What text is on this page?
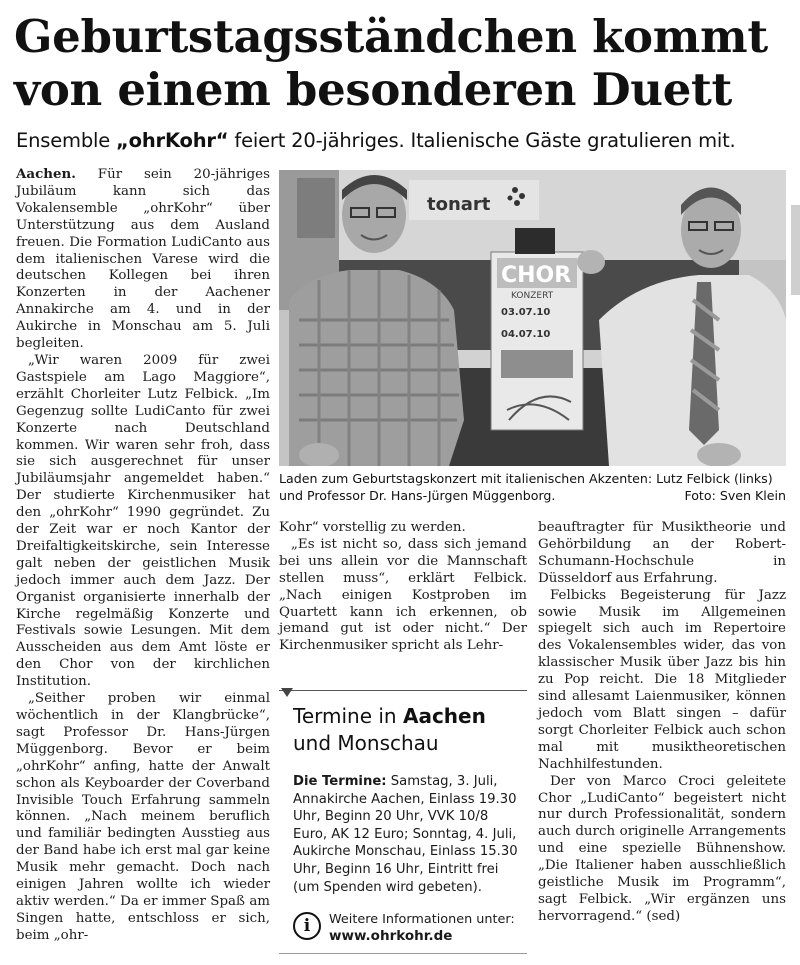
Geburtstagsständchen kommt
von einem besonderen Duett
Ensemble „ohrKohr“ feiert 20-jähriges. Italienische Gäste gratulieren mit.

Aachen. Für sein 20-jähriges Jubiläum kann sich das Vokalensemble „ohrKohr“ über Unterstützung aus dem Ausland freuen. Die Formation LudiCanto aus dem italienischen Varese wird die deutschen Kollegen bei ihren Konzerten in der Aachener Annakirche am 4. und in der Aukirche in Monschau am 5. Juli begleiten.

„Wir waren 2009 für zwei Gastspiele am Lago Maggiore“, erzählt Chorleiter Lutz Felbick. „Im Gegenzug sollte LudiCanto für zwei Konzerte nach Deutschland kommen. Wir waren sehr froh, dass sie sich ausgerechnet für unser Jubiläumsjahr angemeldet haben.“ Der studierte Kirchenmusiker hat den „ohrKohr“ 1990 gegründet. Zu der Zeit war er noch Kantor der Dreifaltigkeitskirche, sein Interesse galt neben der geistlichen Musik jedoch immer auch dem Jazz. Der Organist organisierte innerhalb der Kirche regelmäßig Konzerte und Festivals sowie Lesungen. Mit dem Ausscheiden aus dem Amt löste er den Chor von der kirchlichen Institution.

„Seither proben wir einmal wöchentlich in der Klangbrücke“, sagt Professor Dr. Hans-Jürgen Müggenborg. Bevor er beim „ohrKohr“ anfing, hatte der Anwalt schon als Keyboarder der Coverband Invisible Touch Erfahrung sammeln können. „Nach meinem beruflich und familiär bedingten Ausstieg aus der Band habe ich erst mal gar keine Musik mehr gemacht. Doch nach einigen Jahren wollte ich wieder aktiv werden.“ Da er immer Spaß am Singen hatte, entschloss er sich, beim „ohr-

tonart
CHOR
KONZERT
03.07.10
04.07.10
Laden zum Geburtstagskonzert mit italienischen Akzenten: Lutz Felbick (links) und Professor Dr. Hans-Jürgen Müggenborg.	Foto: Sven Klein

Kohr“ vorstellig zu werden.

„Es ist nicht so, dass sich jemand bei uns allein vor die Mannschaft stellen muss“, erklärt Felbick. „Nach einigen Kostproben im Quartett kann ich erkennen, ob jemand gut ist oder nicht.“ Der Kirchenmusiker spricht als Lehr-

beauftragter für Musiktheorie und Gehörbildung an der Robert-Schumann-Hochschule in Düsseldorf aus Erfahrung.

Felbicks Begeisterung für Jazz sowie Musik im Allgemeinen spiegelt sich auch im Repertoire des Vokalensembles wider, das von klassischer Musik über Jazz bis hin zu Pop reicht. Die 18 Mitglieder sind allesamt Laienmusiker, können jedoch vom Blatt singen – dafür sorgt Chorleiter Felbick auch schon mal mit musiktheoretischen Nachhilfestunden.

Der von Marco Croci geleitete Chor „LudiCanto“ begeistert nicht nur durch Professionalität, sondern auch durch originelle Arrangements und eine spezielle Bühnenshow. „Die Italiener haben ausschließlich geistliche Musik im Programm“, sagt Felbick. „Wir ergänzen uns hervorragend.“ (sed)

Termine in Aachen
und Monschau
Die Termine: Samstag, 3. Juli, Annakirche Aachen, Einlass 19.30 Uhr, Beginn 20 Uhr, VVK 10/8 Euro, AK 12 Euro; Sonntag, 4. Juli, Aukirche Monschau, Einlass 15.30 Uhr, Beginn 16 Uhr, Eintritt frei (um Spenden wird gebeten).
i	Weitere Informationen unter:
www.ohrkohr.de
